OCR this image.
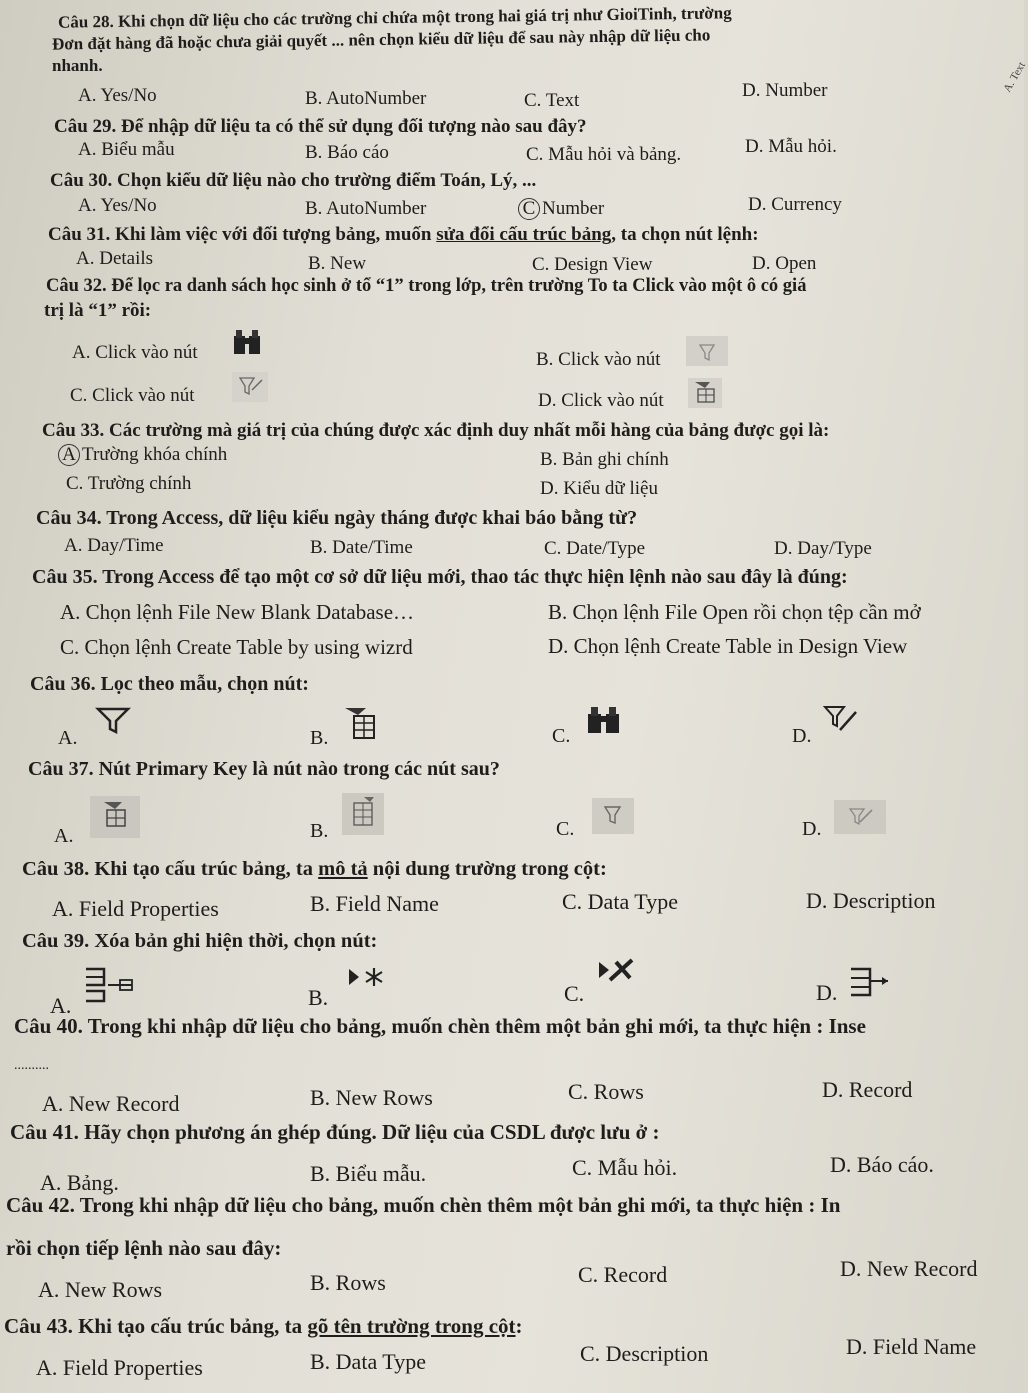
Câu 28. Khi chọn dữ liệu cho các trường chỉ chứa một trong hai giá trị như GioiTinh, trường
Đơn đặt hàng đã hoặc chưa giải quyết ... nên chọn kiểu dữ liệu để sau này nhập dữ liệu cho
nhanh.
A. Yes/No	B. AutoNumber	C. Text	D. Number	A. Text
Câu 29. Để nhập dữ liệu ta có thể sử dụng đối tượng nào sau đây?
A. Biểu mẫu	B. Báo cáo	C. Mẫu hỏi và bảng.	D. Mẫu hỏi.
Câu 30. Chọn kiểu dữ liệu nào cho trường điểm Toán, Lý, ...
A. Yes/No	B. AutoNumber	C Number	D. Currency
Câu 31. Khi làm việc với đối tượng bảng, muốn sửa đổi cấu trúc bảng, ta chọn nút lệnh:
A. Details	B. New	C. Design View	D. Open
Câu 32. Để lọc ra danh sách học sinh ở tổ “1” trong lớp, trên trường To ta Click vào một ô có giá
trị là “1” rồi:
A. Click vào nút	B. Click vào nút
C. Click vào nút	D. Click vào nút
Câu 33. Các trường mà giá trị của chúng được xác định duy nhất mỗi hàng của bảng được gọi là:
A Trường khóa chính	B. Bản ghi chính
C. Trường chính	D. Kiểu dữ liệu
Câu 34. Trong Access, dữ liệu kiểu ngày tháng được khai báo bằng từ?
A. Day/Time	B. Date/Time	C. Date/Type	D. Day/Type
Câu 35. Trong Access để tạo một cơ sở dữ liệu mới, thao tác thực hiện lệnh nào sau đây là đúng:
A. Chọn lệnh File New Blank Database…	B. Chọn lệnh File Open rồi chọn tệp cần mở
C. Chọn lệnh Create Table by using wizrd	D. Chọn lệnh Create Table in Design View
Câu 36. Lọc theo mẫu, chọn nút:
A.	B.	C.	D.
Câu 37. Nút Primary Key là nút nào trong các nút sau?
A.	B.	C.	D.
Câu 38. Khi tạo cấu trúc bảng, ta mô tả nội dung trường trong cột:
A. Field Properties	B. Field Name	C. Data Type	D. Description
Câu 39. Xóa bản ghi hiện thời, chọn nút:
A.	B.	C.	D.
Câu 40. Trong khi nhập dữ liệu cho bảng, muốn chèn thêm một bản ghi mới, ta thực hiện : Inse
..........
A. New Record	B. New Rows	C. Rows	D. Record
Câu 41. Hãy chọn phương án ghép đúng. Dữ liệu của CSDL được lưu ở :
A. Bảng.	B. Biểu mẫu.	C. Mẫu hỏi.	D. Báo cáo.
Câu 42. Trong khi nhập dữ liệu cho bảng, muốn chèn thêm một bản ghi mới, ta thực hiện : In
rồi chọn tiếp lệnh nào sau đây:
A. New Rows	B. Rows	C. Record	D. New Record
Câu 43. Khi tạo cấu trúc bảng, ta gõ tên trường trong cột:
A. Field Properties	B. Data Type	C. Description	D. Field Name
